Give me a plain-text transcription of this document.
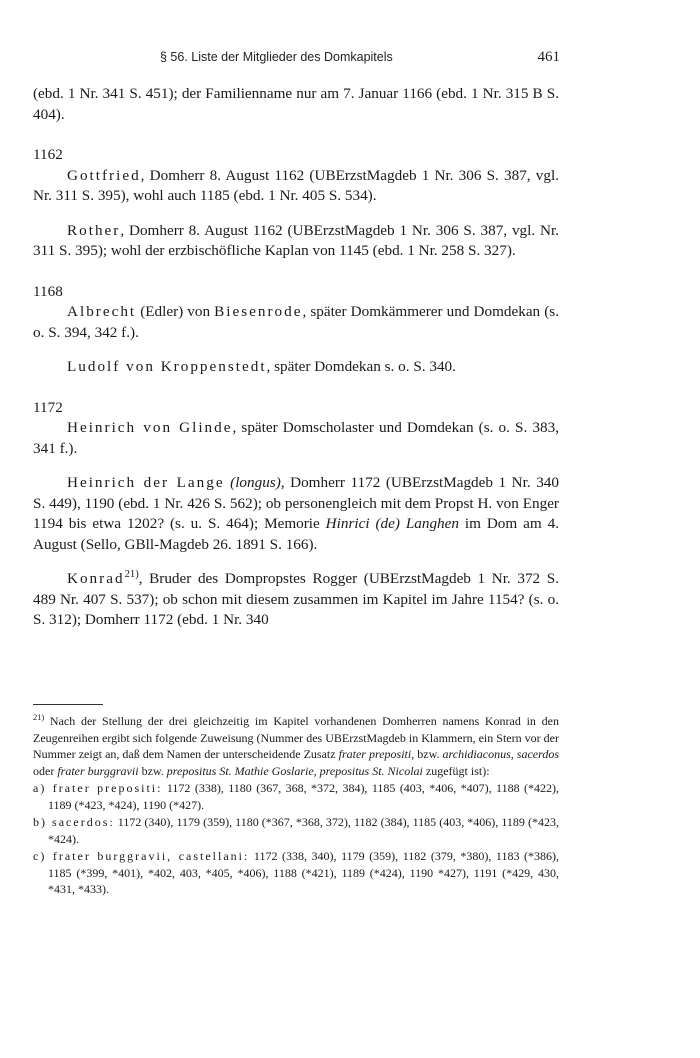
§ 56. Liste der Mitglieder des Domkapitels	461

(ebd. 1 Nr. 341 S. 451); der Familienname nur am 7. Januar 1166 (ebd. 1 Nr. 315 B S. 404).

1162

Gottfried, Domherr 8. August 1162 (UBErzstMagdeb 1 Nr. 306 S. 387, vgl. Nr. 311 S. 395), wohl auch 1185 (ebd. 1 Nr. 405 S. 534).

Rother, Domherr 8. August 1162 (UBErzstMagdeb 1 Nr. 306 S. 387, vgl. Nr. 311 S. 395); wohl der erzbischöfliche Kaplan von 1145 (ebd. 1 Nr. 258 S. 327).

1168

Albrecht (Edler) von Biesenrode, später Domkämmerer und Domdekan (s. o. S. 394, 342 f.).

Ludolf von Kroppenstedt, später Domdekan s. o. S. 340.

1172

Heinrich von Glinde, später Domscholaster und Domdekan (s. o. S. 383, 341 f.).

Heinrich der Lange (longus), Domherr 1172 (UBErzstMagdeb 1 Nr. 340 S. 449), 1190 (ebd. 1 Nr. 426 S. 562); ob personengleich mit dem Propst H. von Enger 1194 bis etwa 1202? (s. u. S. 464); Memorie Hinrici (de) Langhen im Dom am 4. August (Sello, GBll-Magdeb 26. 1891 S. 166).

Konrad$^{21)}$, Bruder des Dompropstes Rogger (UBErzstMagdeb 1 Nr. 372 S. 489 Nr. 407 S. 537); ob schon mit diesem zusammen im Kapitel im Jahre 1154? (s. o. S. 312); Domherr 1172 (ebd. 1 Nr. 340

$^{21)}$ Nach der Stellung der drei gleichzeitig im Kapitel vorhandenen Domherren namens Konrad in den Zeugenreihen ergibt sich folgende Zuweisung (Nummer des UBErzstMagdeb in Klammern, ein Stern vor der Nummer zeigt an, daß dem Namen der unterscheidende Zusatz frater prepositi, bzw. archidiaconus, sacerdos oder frater burggravii bzw. prepositus St. Mathie Goslarie, prepositus St. Nicolai zugefügt ist):

a) frater prepositi: 1172 (338), 1180 (367, 368, *372, 384), 1185 (403, *406, *407), 1188 (*422), 1189 (*423, *424), 1190 (*427).

b) sacerdos: 1172 (340), 1179 (359), 1180 (*367, *368, 372), 1182 (384), 1185 (403, *406), 1189 (*423, *424).

c) frater burggravii, castellani: 1172 (338, 340), 1179 (359), 1182 (379, *380), 1183 (*386), 1185 (*399, *401), *402, 403, *405, *406), 1188 (*421), 1189 (*424), 1190 *427), 1191 (*429, 430, *431, *433).
